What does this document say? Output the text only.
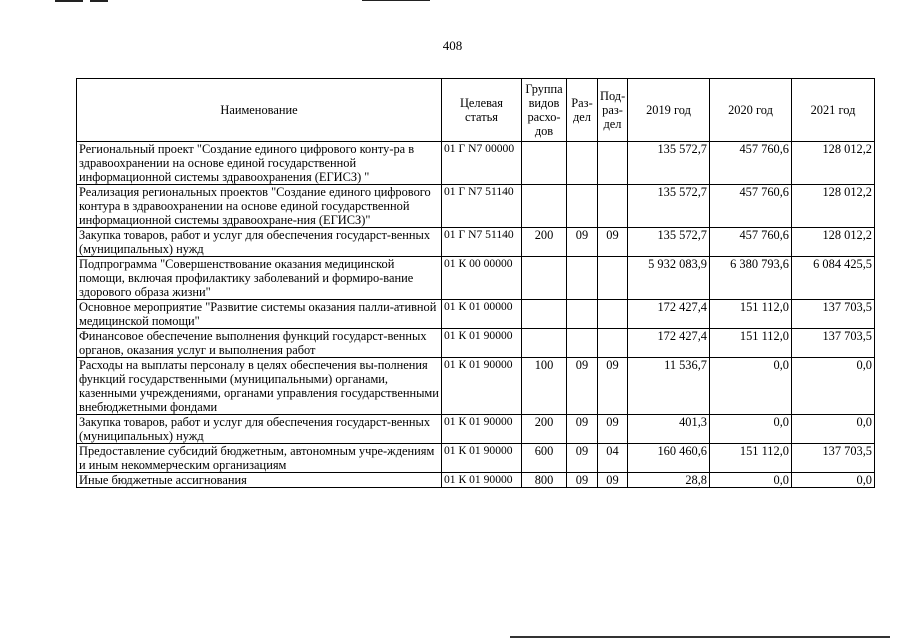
408
Наименование	Целевая статья	Группа видов расхо-дов	Раз-дел	Под-раз-дел	2019 год	2020 год	2021 год
Региональный проект "Создание единого цифрового конту-ра в здравоохранении на основе единой государственной информационной системы здравоохранения (ЕГИСЗ) "	01 Г N7 00000				135 572,7	457 760,6	128 012,2
Реализация региональных проектов "Создание единого цифрового контура в здравоохранении на основе единой государственной информационной системы здравоохране-ния (ЕГИСЗ)"	01 Г N7 51140				135 572,7	457 760,6	128 012,2
Закупка товаров, работ и услуг для обеспечения государст-венных (муниципальных) нужд	01 Г N7 51140	200	09	09	135 572,7	457 760,6	128 012,2
Подпрограмма "Совершенствование оказания медицинской помощи, включая профилактику заболеваний и формиро-вание здорового образа жизни"	01 К 00 00000				5 932 083,9	6 380 793,6	6 084 425,5
Основное мероприятие "Развитие системы оказания палли-ативной медицинской помощи"	01 К 01 00000				172 427,4	151 112,0	137 703,5
Финансовое обеспечение выполнения функций государст-венных органов, оказания услуг и выполнения работ	01 К 01 90000				172 427,4	151 112,0	137 703,5
Расходы на выплаты персоналу в целях обеспечения вы-полнения функций государственными (муниципальными) органами, казенными учреждениями, органами управления государственными внебюджетными фондами	01 К 01 90000	100	09	09	11 536,7	0,0	0,0
Закупка товаров, работ и услуг для обеспечения государст-венных (муниципальных) нужд	01 К 01 90000	200	09	09	401,3	0,0	0,0
Предоставление субсидий бюджетным, автономным учре-ждениям и иным некоммерческим организациям	01 К 01 90000	600	09	04	160 460,6	151 112,0	137 703,5
Иные бюджетные ассигнования	01 К 01 90000	800	09	09	28,8	0,0	0,0
